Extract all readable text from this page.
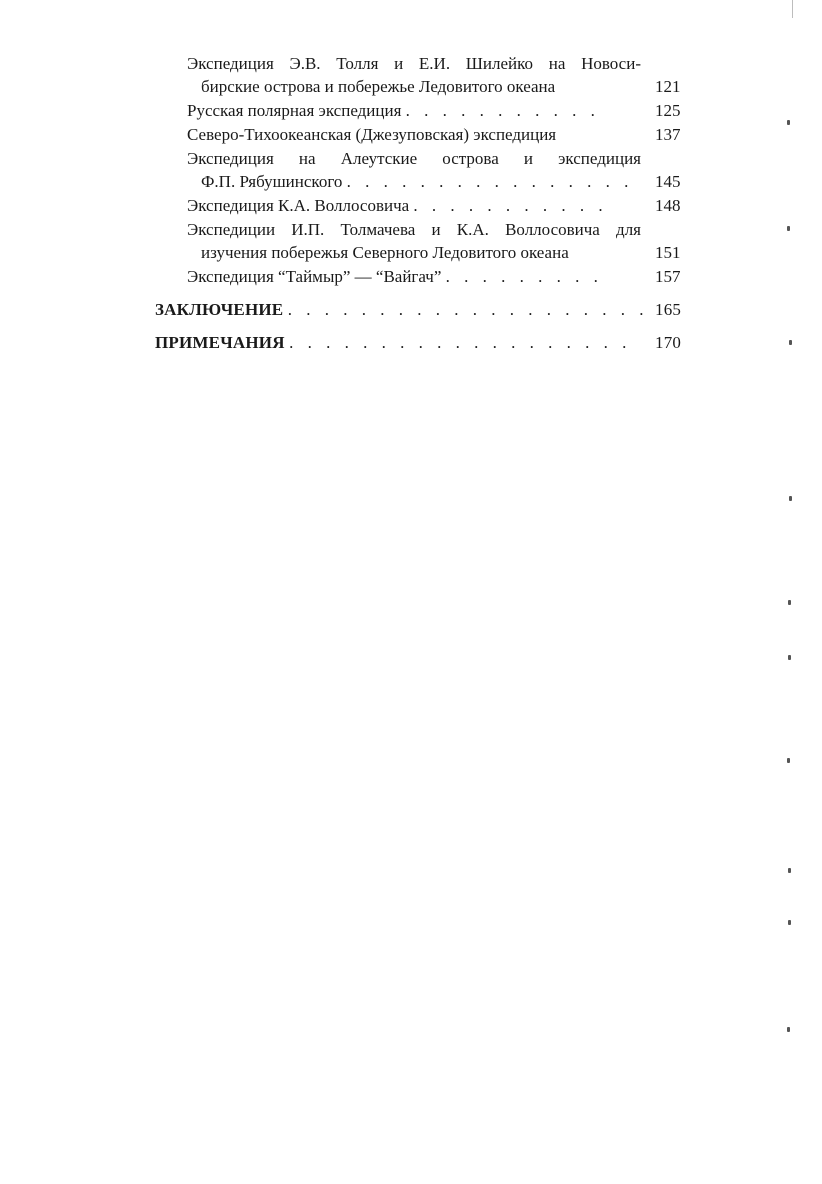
Экспедиция Э.В. Толля и Е.И. Шилейко на Новоси-
бирские острова и побережье Ледовитого океана	121
Русская полярная экспедиция . . . . . . . . . . .	125
Северо-Тихоокеанская (Джезуповская) экспедиция	137
Экспедиция на Алеутские острова и экспедиция
Ф.П. Рябушинского . . . . . . . . . . . . . . . .	145
Экспедиция К.А. Воллосовича . . . . . . . . . . .	148
Экспедиции И.П. Толмачева и К.А. Воллосовича для
изучения побережья Северного Ледовитого океана	151
Экспедиция “Таймыр” — “Вайгач” . . . . . . . . .	157
ЗАКЛЮЧЕНИЕ . . . . . . . . . . . . . . . . . . . . 165
ПРИМЕЧАНИЯ . . . . . . . . . . . . . . . . . . .	170
